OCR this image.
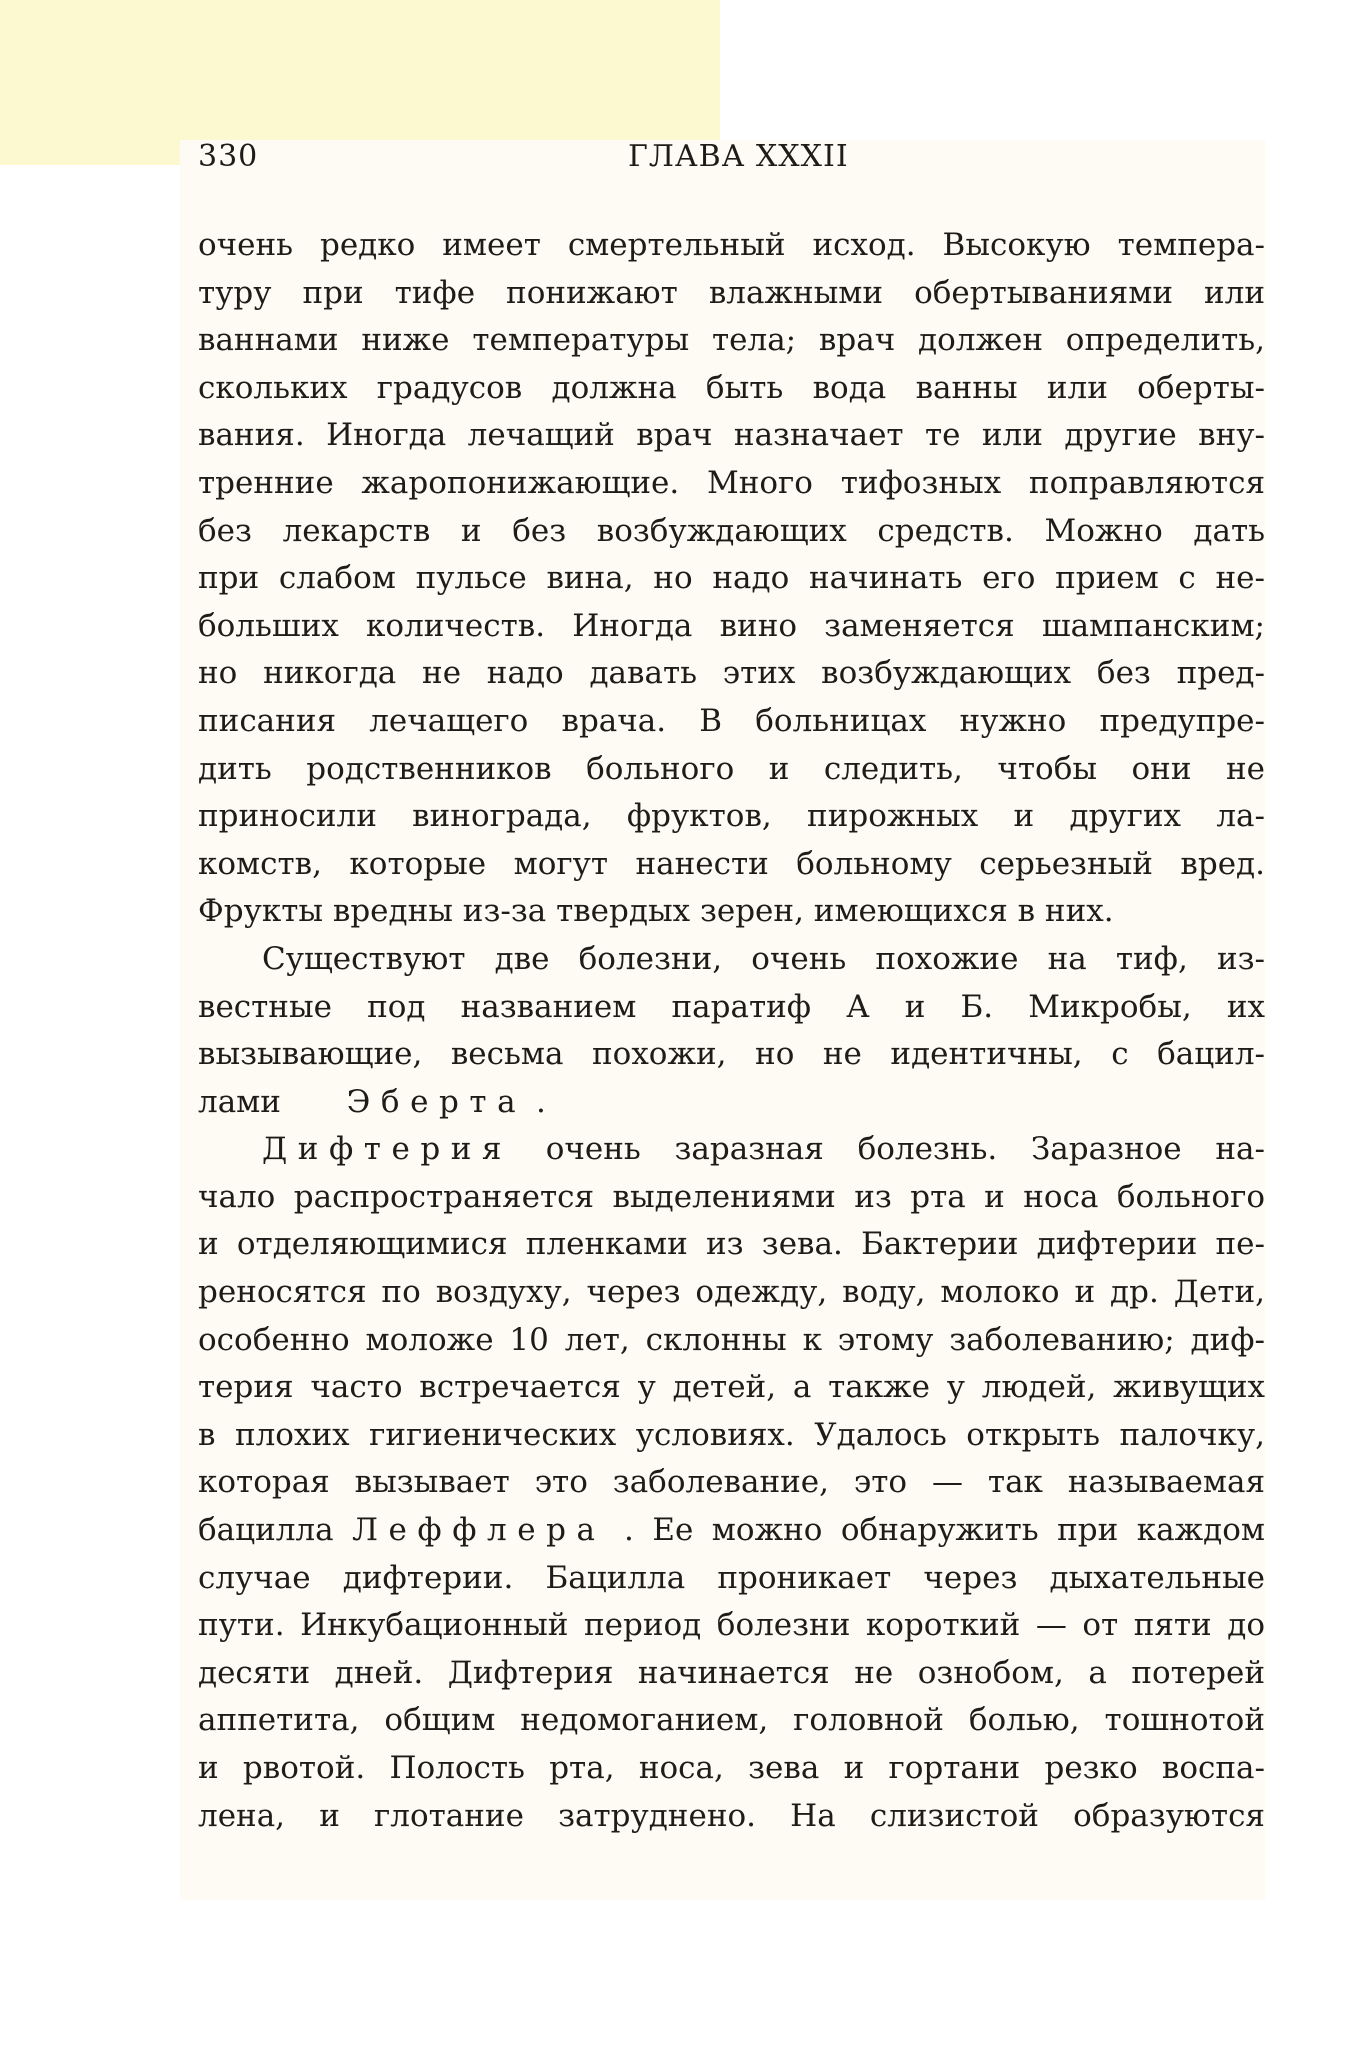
330	ГЛАВА XXXII
очень редко имеет смертельный исход. Высокую темпера-
туру при тифе понижают влажными обертываниями или
ваннами ниже температуры тела; врач должен определить,
скольких градусов должна быть вода ванны или оберты-
вания. Иногда лечащий врач назначает те или другие вну-
тренние жаропонижающие. Много тифозных поправляются
без лекарств и без возбуждающих средств. Можно дать
при слабом пульсе вина, но надо начинать его прием с не-
больших количеств. Иногда вино заменяется шампанским;
но никогда не надо давать этих возбуждающих без пред-
писания лечащего врача. В больницах нужно предупре-
дить родственников больного и следить, чтобы они не
приносили винограда, фруктов, пирожных и других ла-
комств, которые могут нанести больному серьезный вред.
Фрукты вредны из-за твердых зерен, имеющихся в них.
Существуют две болезни, очень похожие на тиф, из-
вестные под названием паратиф А и Б. Микробы, их
вызывающие, весьма похожи, но не идентичны, с бацил-
лами Эберта .
Дифтерия очень заразная болезнь. Заразное на-
чало распространяется выделениями из рта и носа больного
и отделяющимися пленками из зева. Бактерии дифтерии пе-
реносятся по воздуху, через одежду, воду, молоко и др. Дети,
особенно моложе 10 лет, склонны к этому заболеванию; диф-
терия часто встречается у детей, а также у людей, живущих
в плохих гигиенических условиях. Удалось открыть палочку,
которая вызывает это заболевание, это — так называемая
бацилла Леффлера . Ее можно обнаружить при каждом
случае дифтерии. Бацилла проникает через дыхательные
пути. Инкубационный период болезни короткий — от пяти до
десяти дней. Дифтерия начинается не ознобом, а потерей
аппетита, общим недомоганием, головной болью, тошнотой
и рвотой. Полость рта, носа, зева и гортани резко воспа-
лена, и глотание затруднено. На слизистой образуются
